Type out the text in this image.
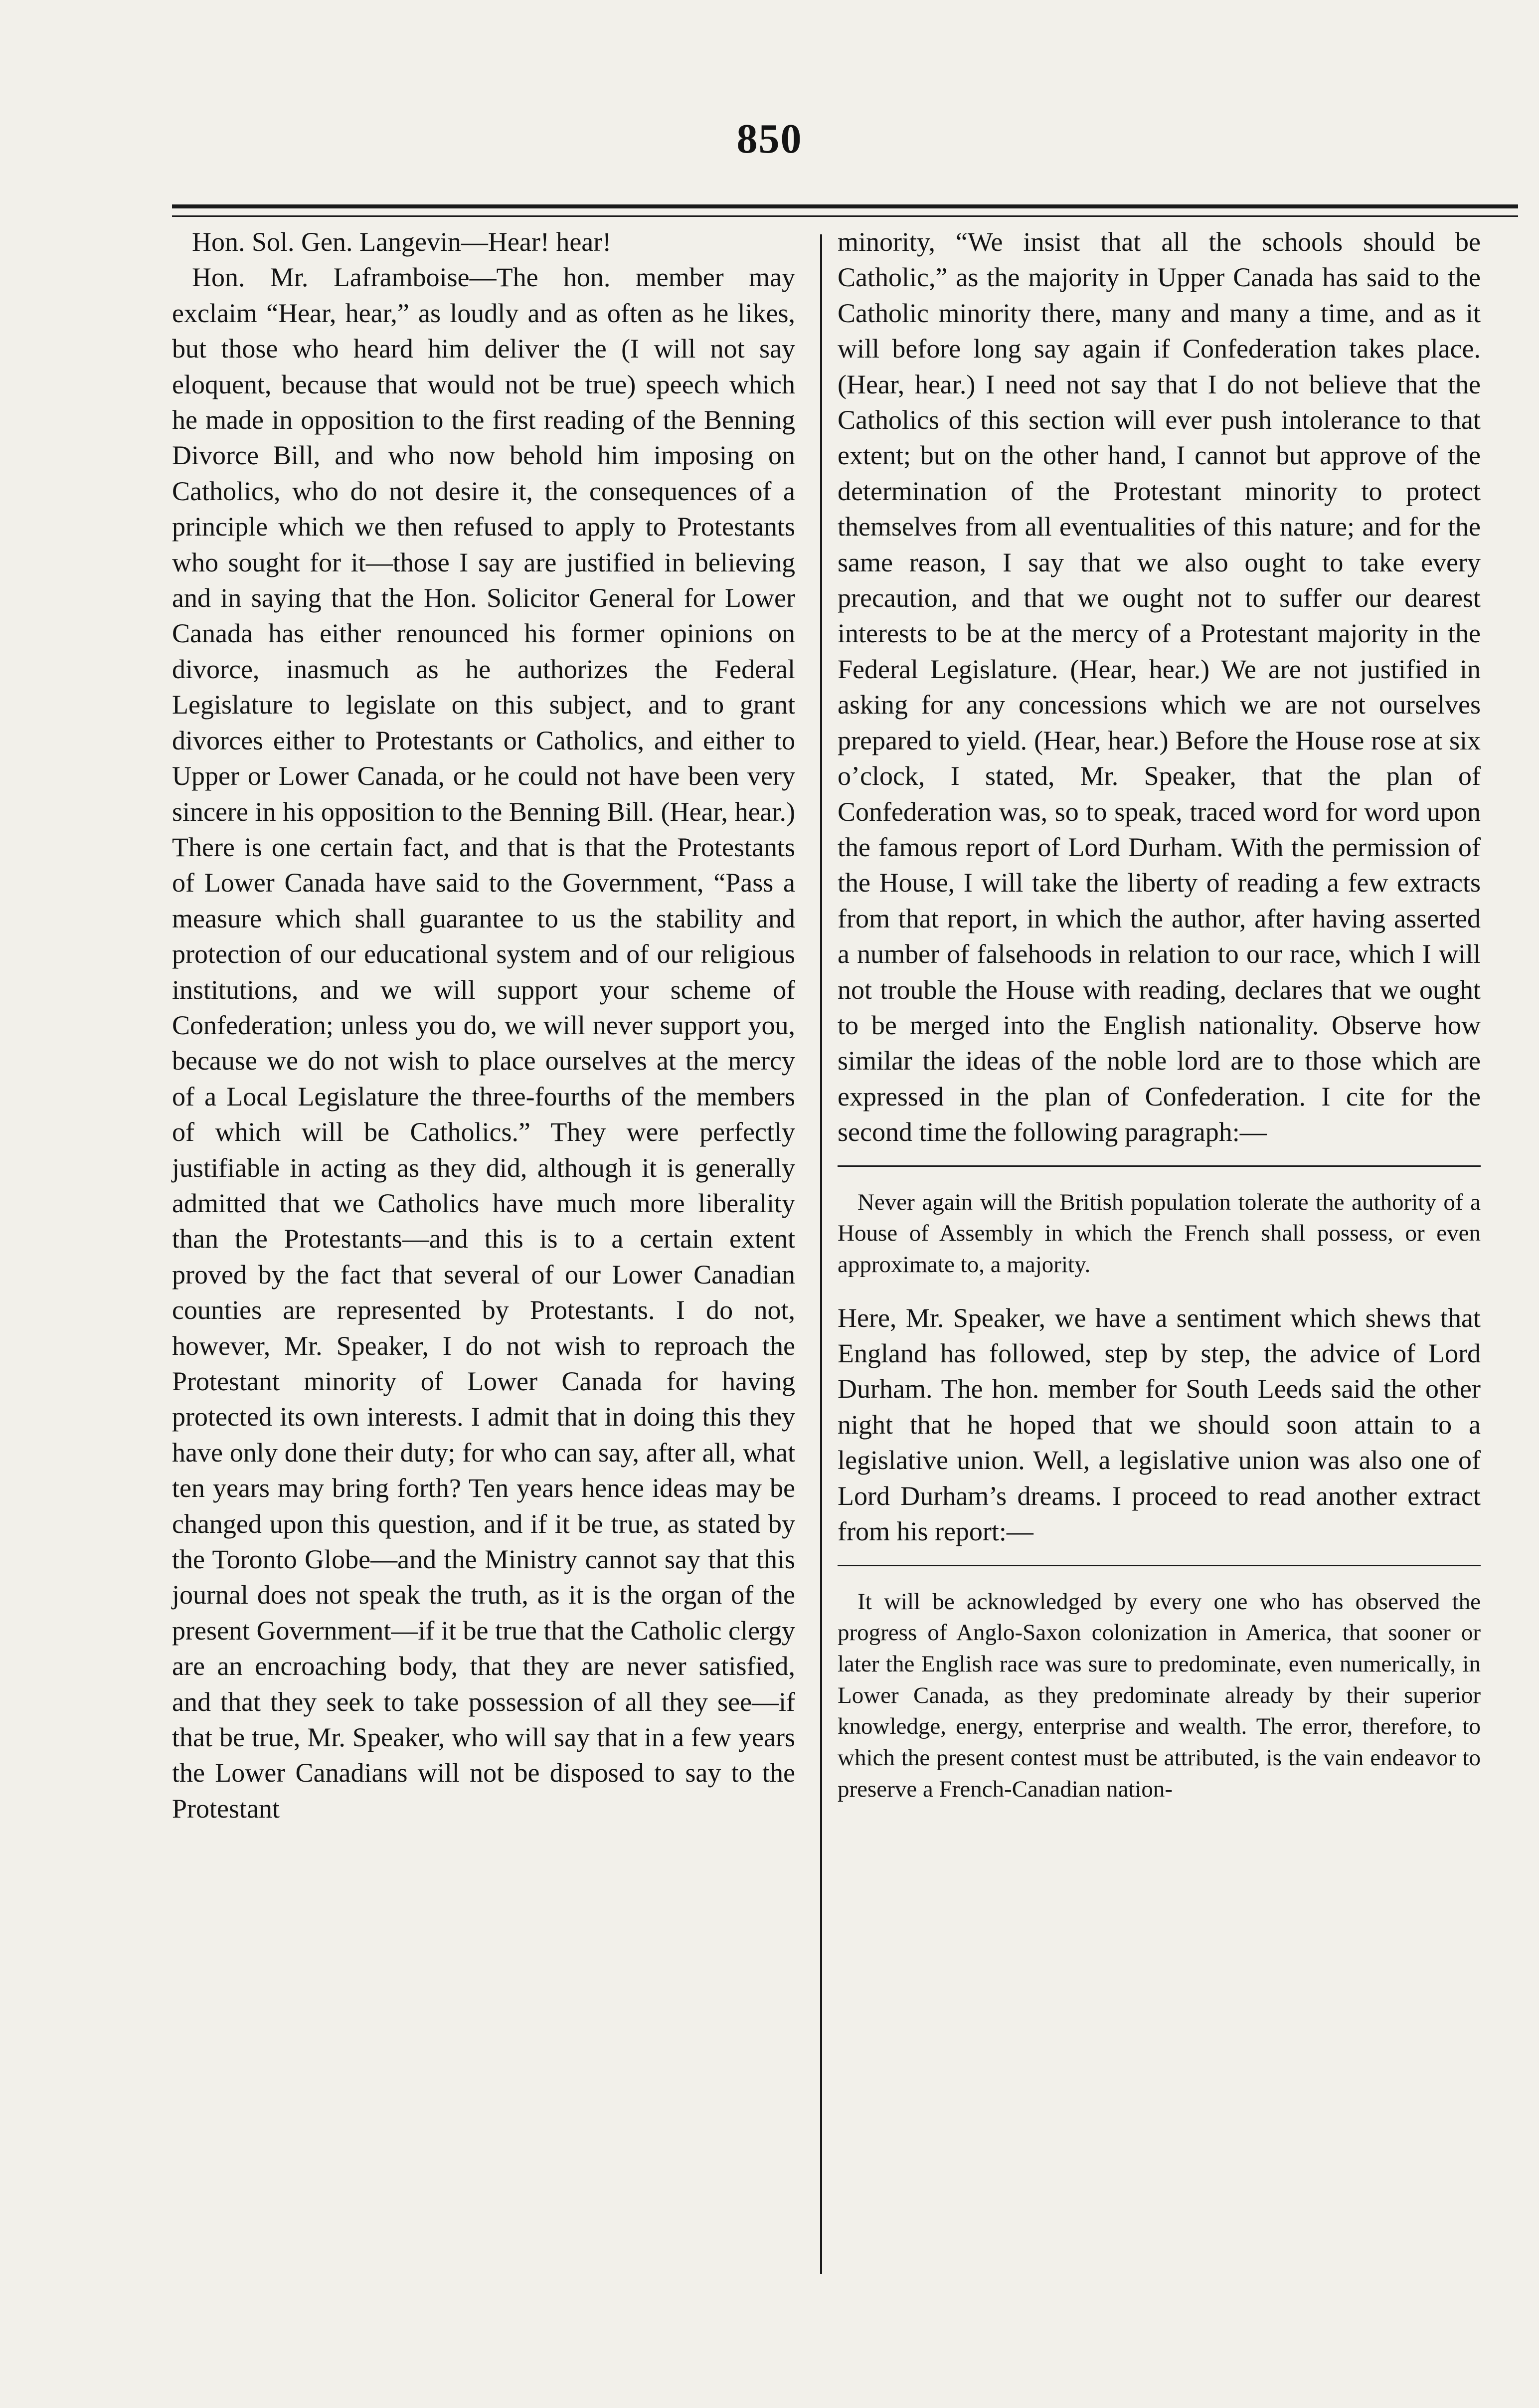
850

Hon. Sol. Gen. Langevin—Hear! hear!

Hon. Mr. Laframboise—The hon. member may exclaim “Hear, hear,” as loudly and as often as he likes, but those who heard him deliver the (I will not say eloquent, because that would not be true) speech which he made in opposition to the first reading of the Benning Divorce Bill, and who now behold him imposing on Catholics, who do not desire it, the consequences of a principle which we then refused to apply to Protestants who sought for it—those I say are justified in believing and in saying that the Hon. Solicitor General for Lower Canada has either renounced his former opinions on divorce, inasmuch as he authorizes the Federal Legislature to legislate on this subject, and to grant divorces either to Protestants or Catholics, and either to Upper or Lower Canada, or he could not have been very sincere in his opposition to the Benning Bill. (Hear, hear.) There is one certain fact, and that is that the Protestants of Lower Canada have said to the Government, “Pass a measure which shall guarantee to us the stability and protection of our educational system and of our religious institutions, and we will support your scheme of Confederation; unless you do, we will never support you, because we do not wish to place ourselves at the mercy of a Local Legislature the three-fourths of the members of which will be Catholics.” They were perfectly justifiable in acting as they did, although it is generally admitted that we Catholics have much more liberality than the Protestants—and this is to a certain extent proved by the fact that several of our Lower Canadian counties are represented by Protestants. I do not, however, Mr. Speaker, I do not wish to reproach the Protestant minority of Lower Canada for having protected its own interests. I admit that in doing this they have only done their duty; for who can say, after all, what ten years may bring forth? Ten years hence ideas may be changed upon this question, and if it be true, as stated by the Toronto Globe—and the Ministry cannot say that this journal does not speak the truth, as it is the organ of the present Government—if it be true that the Catholic clergy are an encroaching body, that they are never satisfied, and that they seek to take possession of all they see—if that be true, Mr. Speaker, who will say that in a few years the Lower Canadians will not be disposed to say to the Protestant

minority, “We insist that all the schools should be Catholic,” as the majority in Upper Canada has said to the Catholic minority there, many and many a time, and as it will before long say again if Confederation takes place. (Hear, hear.) I need not say that I do not believe that the Catholics of this section will ever push intolerance to that extent; but on the other hand, I cannot but approve of the determination of the Protestant minority to protect themselves from all eventualities of this nature; and for the same reason, I say that we also ought to take every precaution, and that we ought not to suffer our dearest interests to be at the mercy of a Protestant majority in the Federal Legislature. (Hear, hear.) We are not justified in asking for any concessions which we are not ourselves prepared to yield. (Hear, hear.) Before the House rose at six o’clock, I stated, Mr. Speaker, that the plan of Confederation was, so to speak, traced word for word upon the famous report of Lord Durham. With the permission of the House, I will take the liberty of reading a few extracts from that report, in which the author, after having asserted a number of falsehoods in relation to our race, which I will not trouble the House with reading, declares that we ought to be merged into the English nationality. Observe how similar the ideas of the noble lord are to those which are expressed in the plan of Confederation. I cite for the second time the following paragraph:—

Never again will the British population tolerate the authority of a House of Assembly in which the French shall possess, or even approximate to, a majority.

Here, Mr. Speaker, we have a sentiment which shews that England has followed, step by step, the advice of Lord Durham. The hon. member for South Leeds said the other night that he hoped that we should soon attain to a legislative union. Well, a legislative union was also one of Lord Durham’s dreams. I proceed to read another extract from his report:—

It will be acknowledged by every one who has observed the progress of Anglo-Saxon colonization in America, that sooner or later the English race was sure to predominate, even numerically, in Lower Canada, as they predominate already by their superior knowledge, energy, enterprise and wealth. The error, therefore, to which the present contest must be attributed, is the vain endeavor to preserve a French-Canadian nation-
